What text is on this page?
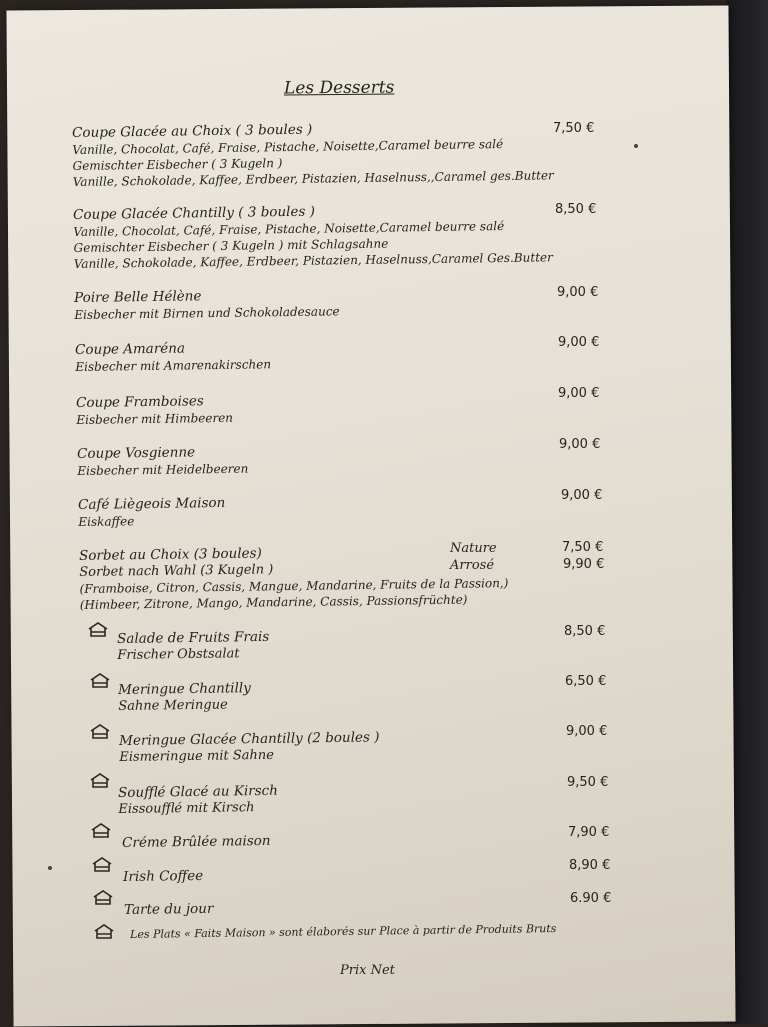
Les Desserts
Coupe Glacée au Choix ( 3 boules )
Vanille, Chocolat, Café, Fraise, Pistache, Noisette,Caramel beurre salé
Gemischter Eisbecher ( 3 Kugeln )
Vanille, Schokolade, Kaffee, Erdbeer, Pistazien, Haselnuss,,Caramel ges.Butter
7,50 €
Coupe Glacée Chantilly ( 3 boules )
Vanille, Chocolat, Café, Fraise, Pistache, Noisette,Caramel beurre salé
Gemischter Eisbecher ( 3 Kugeln ) mit Schlagsahne
Vanille, Schokolade, Kaffee, Erdbeer, Pistazien, Haselnuss,Caramel Ges.Butter
8,50 €
Poire Belle Hélène
Eisbecher mit Birnen und Schokoladesauce
9,00 €
Coupe Amaréna
Eisbecher mit Amarenakirschen
9,00 €
Coupe Framboises
Eisbecher mit Himbeeren
9,00 €
Coupe Vosgienne
Eisbecher mit Heidelbeeren
9,00 €
Café Liègeois Maison
Eiskaffee
9,00 €
Sorbet au Choix (3 boules)
Sorbet nach Wahl (3 Kugeln )
(Framboise, Citron, Cassis, Mangue, Mandarine, Fruits de la Passion,)
(Himbeer, Zitrone, Mango, Mandarine, Cassis, Passionsfrüchte)
Nature	7,50 €
Arrosé	9,90 €
Salade de Fruits Frais
Frischer Obstsalat
8,50 €
Meringue Chantilly
Sahne Meringue
6,50 €
Meringue Glacée Chantilly (2 boules )
Eismeringue mit Sahne
9,00 €
Soufflé Glacé au Kirsch
Eissoufflé mit Kirsch
9,50 €
Créme Brûlée maison
7,90 €
Irish Coffee
8,90 €
Tarte du jour
6.90 €
Les Plats « Faits Maison » sont élaborés sur Place à partir de Produits Bruts
Prix Net
